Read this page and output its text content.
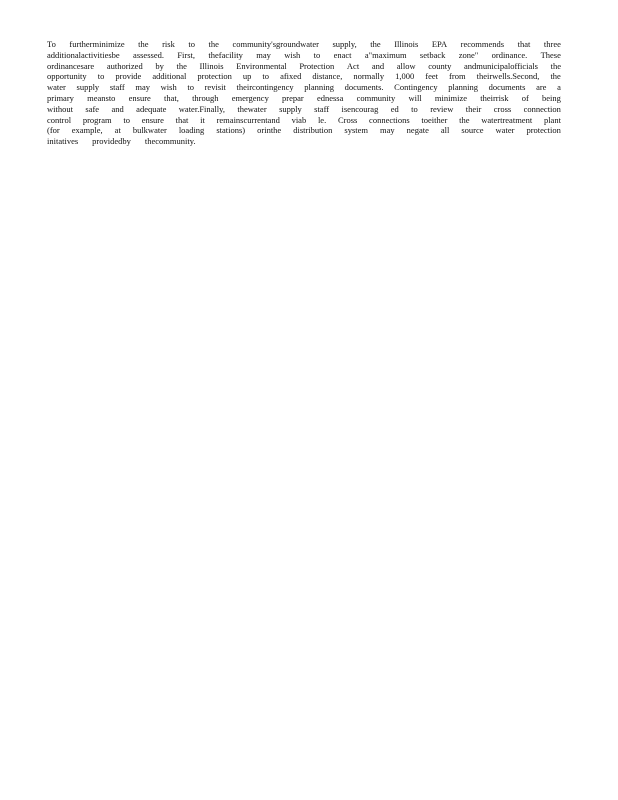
To furtherminimize the risk to the community'sgroundwater supply, the Illinois EPA recommends that three
additionalactivitiesbe assessed. First, thefacility may wish to enact a"maximum setback zone" ordinance. These
ordinancesare authorized by the Illinois Environmental Protection Act and allow county andmunicipalofficials the
opportunity to provide additional protection up to afixed distance, normally 1,000 feet from theirwells.Second, the
water supply staff may wish to revisit theircontingency planning documents. Contingency planning documents are a
primary meansto ensure that, through emergency prepar ednessa community will minimize theirrisk of being
without safe and adequate water.Finally, thewater supply staff isencourag ed to review their cross connection
control program to ensure that it remainscurrentand viab le. Cross connections toeither the watertreatment plant
(for example, at bulkwater loading stations) orinthe distribution system may negate all source water protection
initatives providedby thecommunity.
